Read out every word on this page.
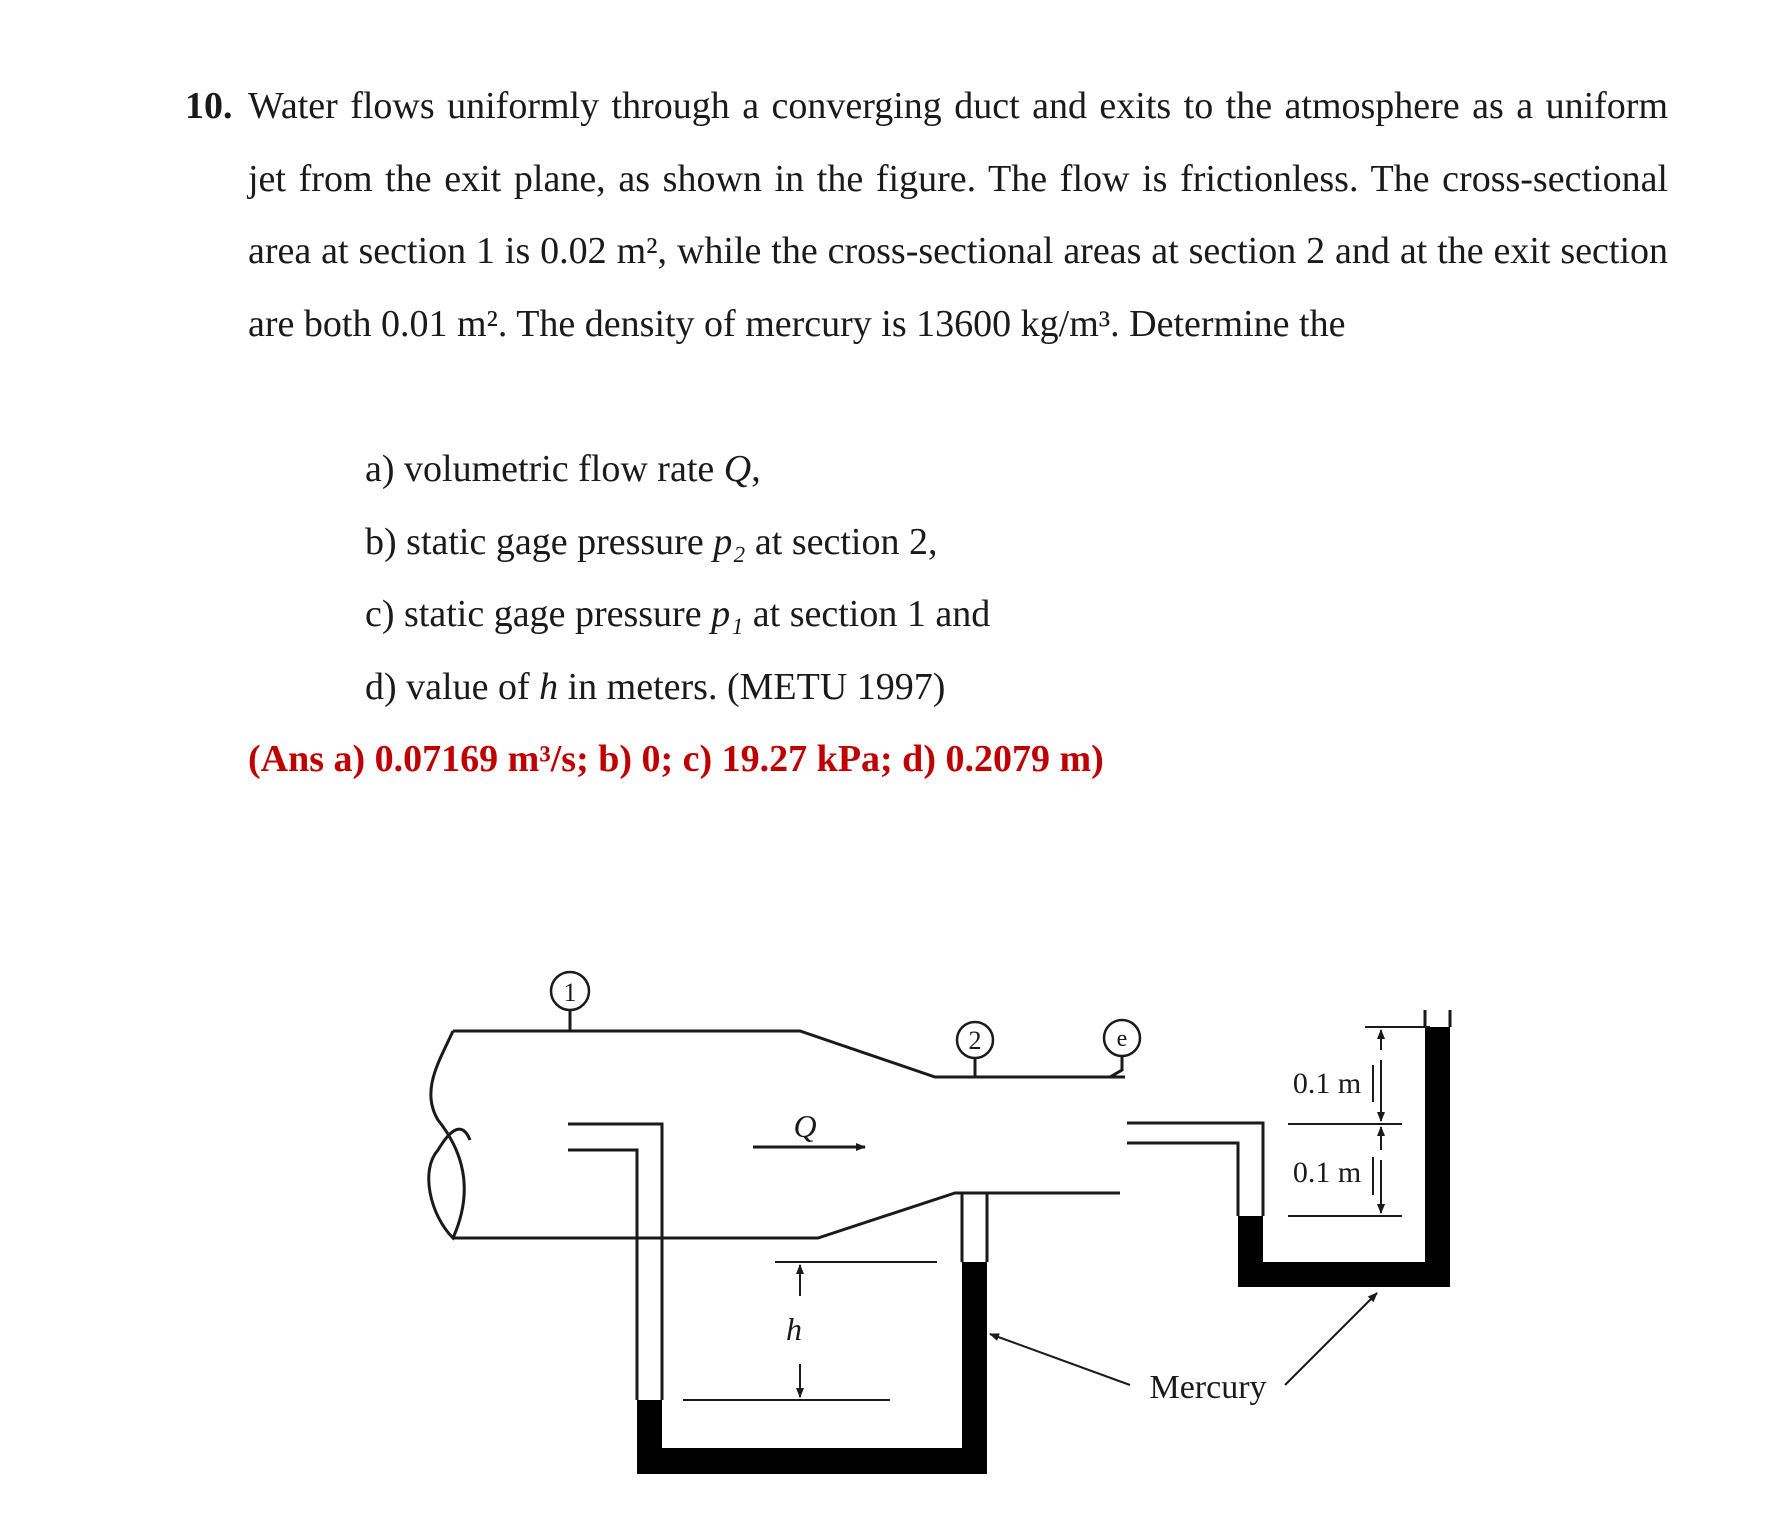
10. Water flows uniformly through a converging duct and exits to the atmosphere as a uniform jet from the exit plane, as shown in the figure. The flow is frictionless. The cross-sectional area at section 1 is 0.02 m², while the cross-sectional areas at section 2 and at the exit section are both 0.01 m². The density of mercury is 13600 kg/m³. Determine the
a) volumetric flow rate Q,
b) static gage pressure p₂ at section 2,
c) static gage pressure p₁ at section 1 and
d) value of h in meters. (METU 1997)
(Ans a) 0.07169 m³/s; b) 0; c) 19.27 kPa; d) 0.2079 m)
1
2	e
Q
h
0.1 m
0.1 m
Mercury
